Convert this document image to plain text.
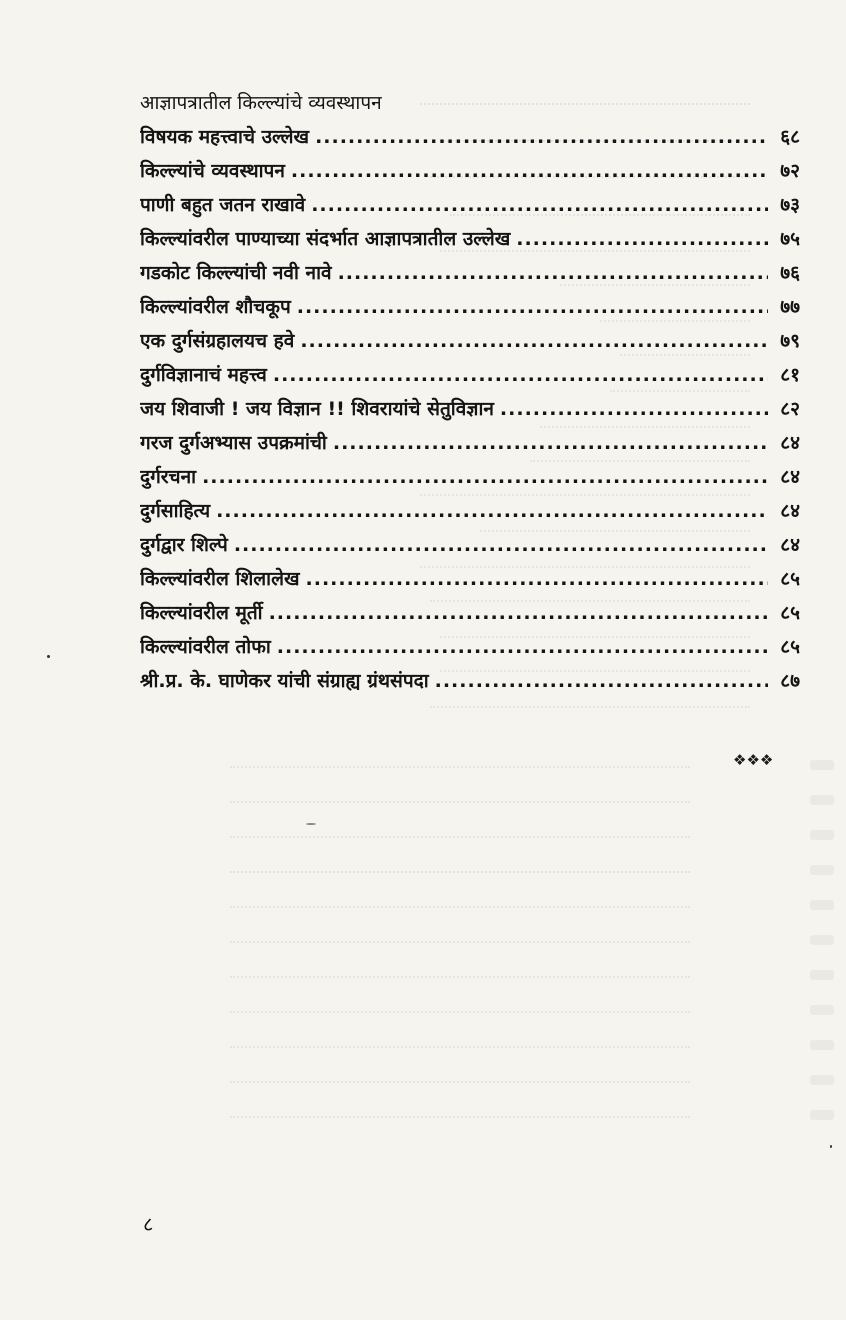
आज्ञापत्रातील किल्ल्यांचे व्यवस्थापन
विषयक महत्त्वाचे उल्लेख .....	६८
किल्ल्यांचे व्यवस्थापन .....	७२
पाणी बहुत जतन राखावे .....	७३
किल्ल्यांवरील पाण्याच्या संदर्भात आज्ञापत्रातील उल्लेख .....	७५
गडकोट किल्ल्यांची नवी नावे .....	७६
किल्ल्यांवरील शौचकूप .....	७७
एक दुर्गसंग्रहालयच हवे .....	७९
दुर्गविज्ञानाचं महत्त्व .....	८१
जय शिवाजी ! जय विज्ञान !! शिवरायांचे सेतुविज्ञान .....	८२
गरज दुर्गअभ्यास उपक्रमांची .....	८४
दुर्गरचना .....	८४
दुर्गसाहित्य .....	८४
दुर्गद्वार शिल्पे .....	८४
किल्ल्यांवरील शिलालेख .....	८५
किल्ल्यांवरील मूर्ती .....	८५
किल्ल्यांवरील तोफा .....	८५
श्री.प्र. के. घाणेकर यांची संग्राह्य ग्रंथसंपदा .....	८७
❖❖❖
८
